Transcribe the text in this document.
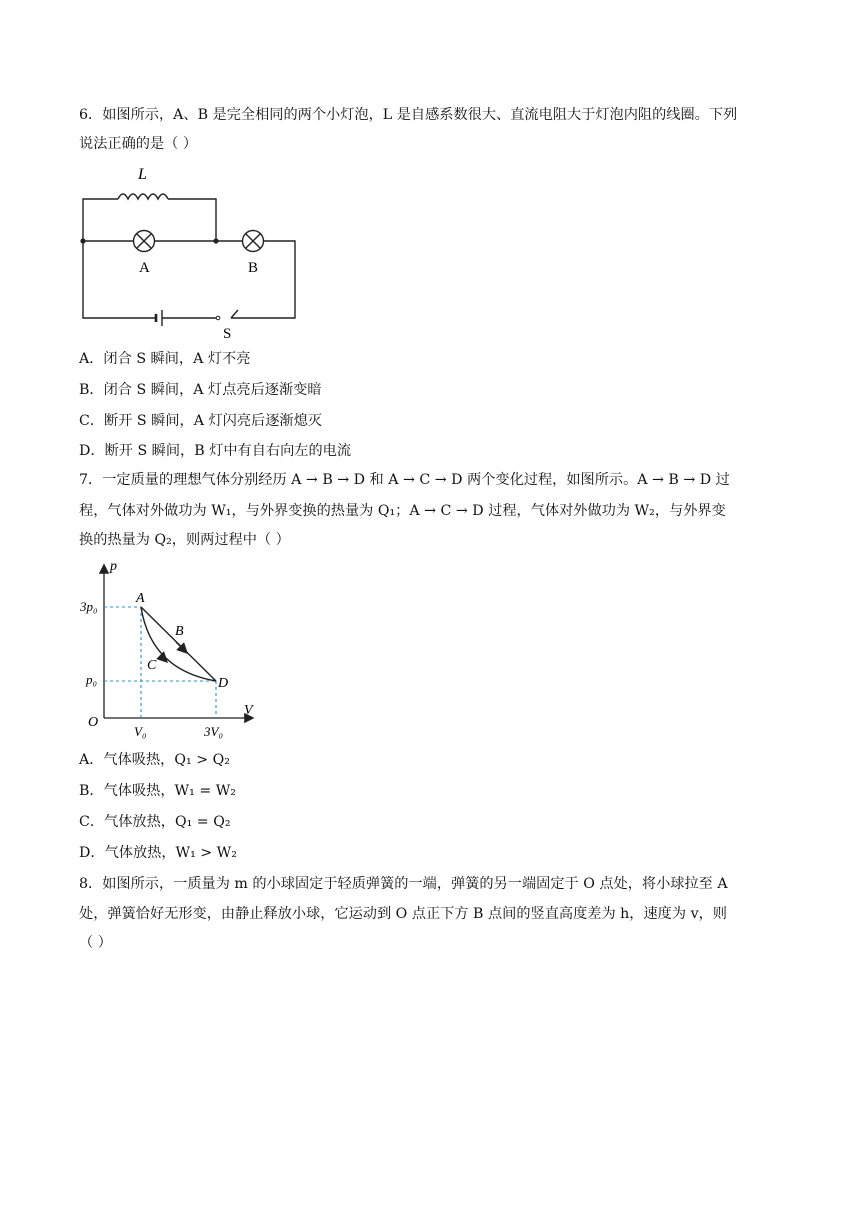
6．如图所示，A、B 是完全相同的两个小灯泡，L 是自感系数很大、直流电阻大于灯泡内阻的线圈。下列
说法正确的是（ ）
L
A	B
S
A．闭合 S 瞬间，A 灯不亮
B．闭合 S 瞬间，A 灯点亮后逐渐变暗
C．断开 S 瞬间，A 灯闪亮后逐渐熄灭
D．断开 S 瞬间，B 灯中有自右向左的电流
7．一定质量的理想气体分别经历 A → B → D 和 A → C → D 两个变化过程，如图所示。A → B → D 过
程，气体对外做功为 W₁，与外界变换的热量为 Q₁；A → C → D 过程，气体对外做功为 W₂，与外界变
换的热量为 Q₂，则两过程中（ ）
p
V
O
3p₀
p₀
V₀	3V₀
A
B
C
D
A．气体吸热，Q₁ > Q₂
B．气体吸热，W₁ = W₂
C．气体放热，Q₁ = Q₂
D．气体放热，W₁ > W₂
8．如图所示，一质量为 m 的小球固定于轻质弹簧的一端，弹簧的另一端固定于 O 点处，将小球拉至 A
处，弹簧恰好无形变，由静止释放小球，它运动到 O 点正下方 B 点间的竖直高度差为 h，速度为 v，则
（ ）
